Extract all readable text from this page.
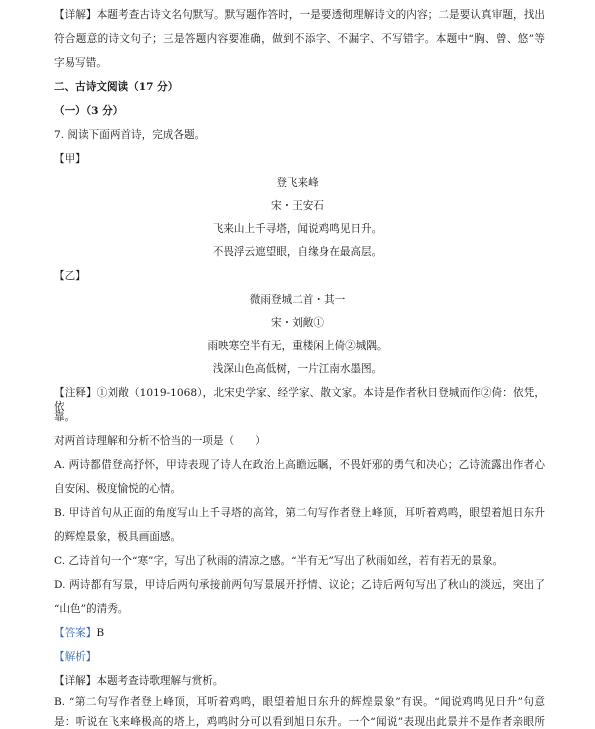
【详解】本题考查古诗文名句默写。默写题作答时，一是要透彻理解诗文的内容；二是要认真审题，找出
符合题意的诗文句子；三是答题内容要准确，做到不添字、不漏字、不写错字。本题中“胸、曾、悠”等
字易写错。
二、古诗文阅读（17 分）
（一）（3 分）
7. 阅读下面两首诗，完成各题。
【甲】
登飞来峰
宋・王安石
飞来山上千寻塔，闻说鸡鸣见日升。
不畏浮云遮望眼，自缘身在最高层。
【乙】
微雨登城二首・其一
宋・刘敞①
雨映寒空半有无，重楼闲上倚②城隅。
浅深山色高低树，一片江南水墨图。
【注释】①刘敞（1019-1068），北宋史学家、经学家、散文家。本诗是作者秋日登城而作②倚：依凭，依
靠。
对两首诗理解和分析不恰当的一项是（　　）
A. 两诗都借登高抒怀，甲诗表现了诗人在政治上高瞻远瞩，不畏奸邪的勇气和决心；乙诗流露出作者心
自安闲、极度愉悦的心情。
B. 甲诗首句从正面的角度写山上千寻塔的高耸，第二句写作者登上峰顶，耳听着鸡鸣，眼望着旭日东升
的辉煌景象，极具画面感。
C. 乙诗首句一个“寒”字，写出了秋雨的清凉之感。“半有无”写出了秋雨如丝，若有若无的景象。
D. 两诗都有写景，甲诗后两句承接前两句写景展开抒情、议论；乙诗后两句写出了秋山的淡远，突出了
“山色”的清秀。
【答案】B
【解析】
【详解】本题考查诗歌理解与赏析。
B. “第二句写作者登上峰顶，耳听着鸡鸣，眼望着旭日东升的辉煌景象”有误。“闻说鸡鸣见日升”句意
是：听说在飞来峰极高的塔上，鸡鸣时分可以看到旭日东升。一个“闻说”表现出此景并不是作者亲眼所
